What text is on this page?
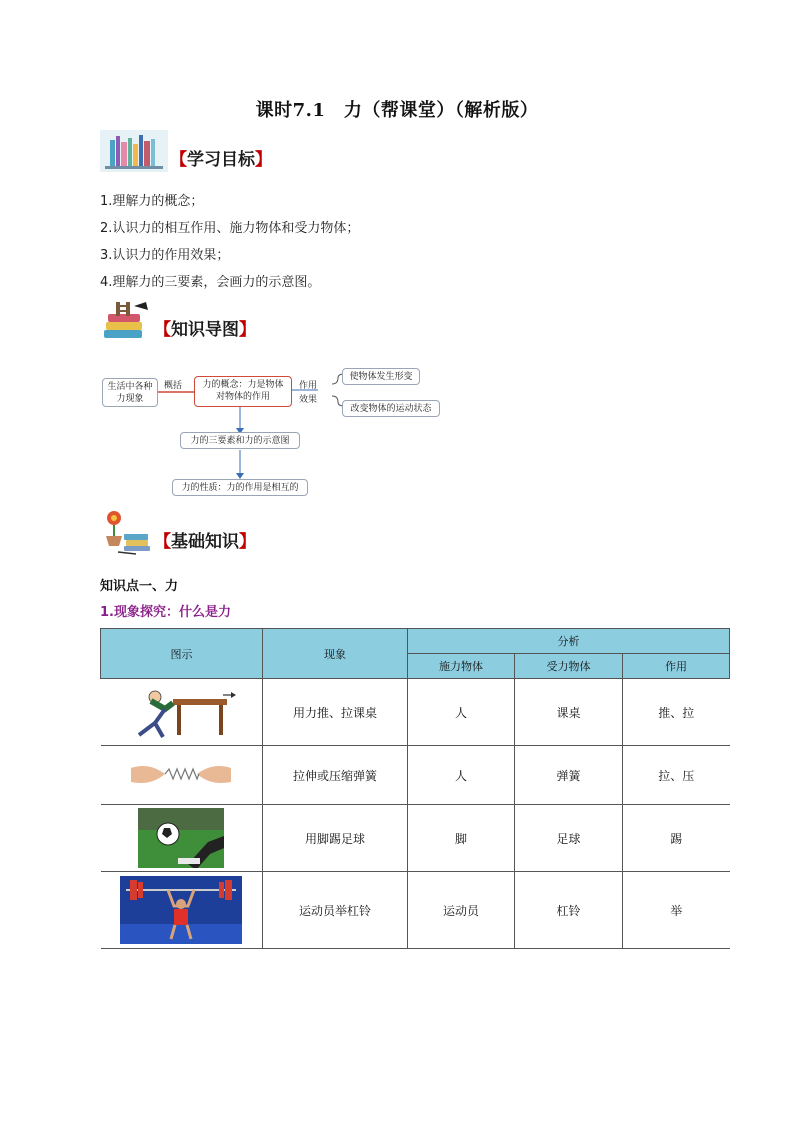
课时7.1　力（帮课堂）（解析版）
【学习目标】
1.理解力的概念；
2.认识力的相互作用、施力物体和受力物体；
3.认识力的作用效果；
4.理解力的三要素，会画力的示意图。
【知识导图】
生活中各种
力现象
概括	力的概念：力是物体
对物体的作用
作用
效果
使物体发生形变
改变物体的运动状态
力的三要素和力的示意图
力的性质：力的作用是相互的
【基础知识】
知识点一、力
1.现象探究：什么是力
图示	现象	分析		
		施力物体	受力物体	作用

	用力推、拉课桌	人	课桌	推、拉

	拉伸或压缩弹簧	人	弹簧	拉、压

	用脚踢足球	脚	足球	踢

	运动员举杠铃	运动员	杠铃	举
